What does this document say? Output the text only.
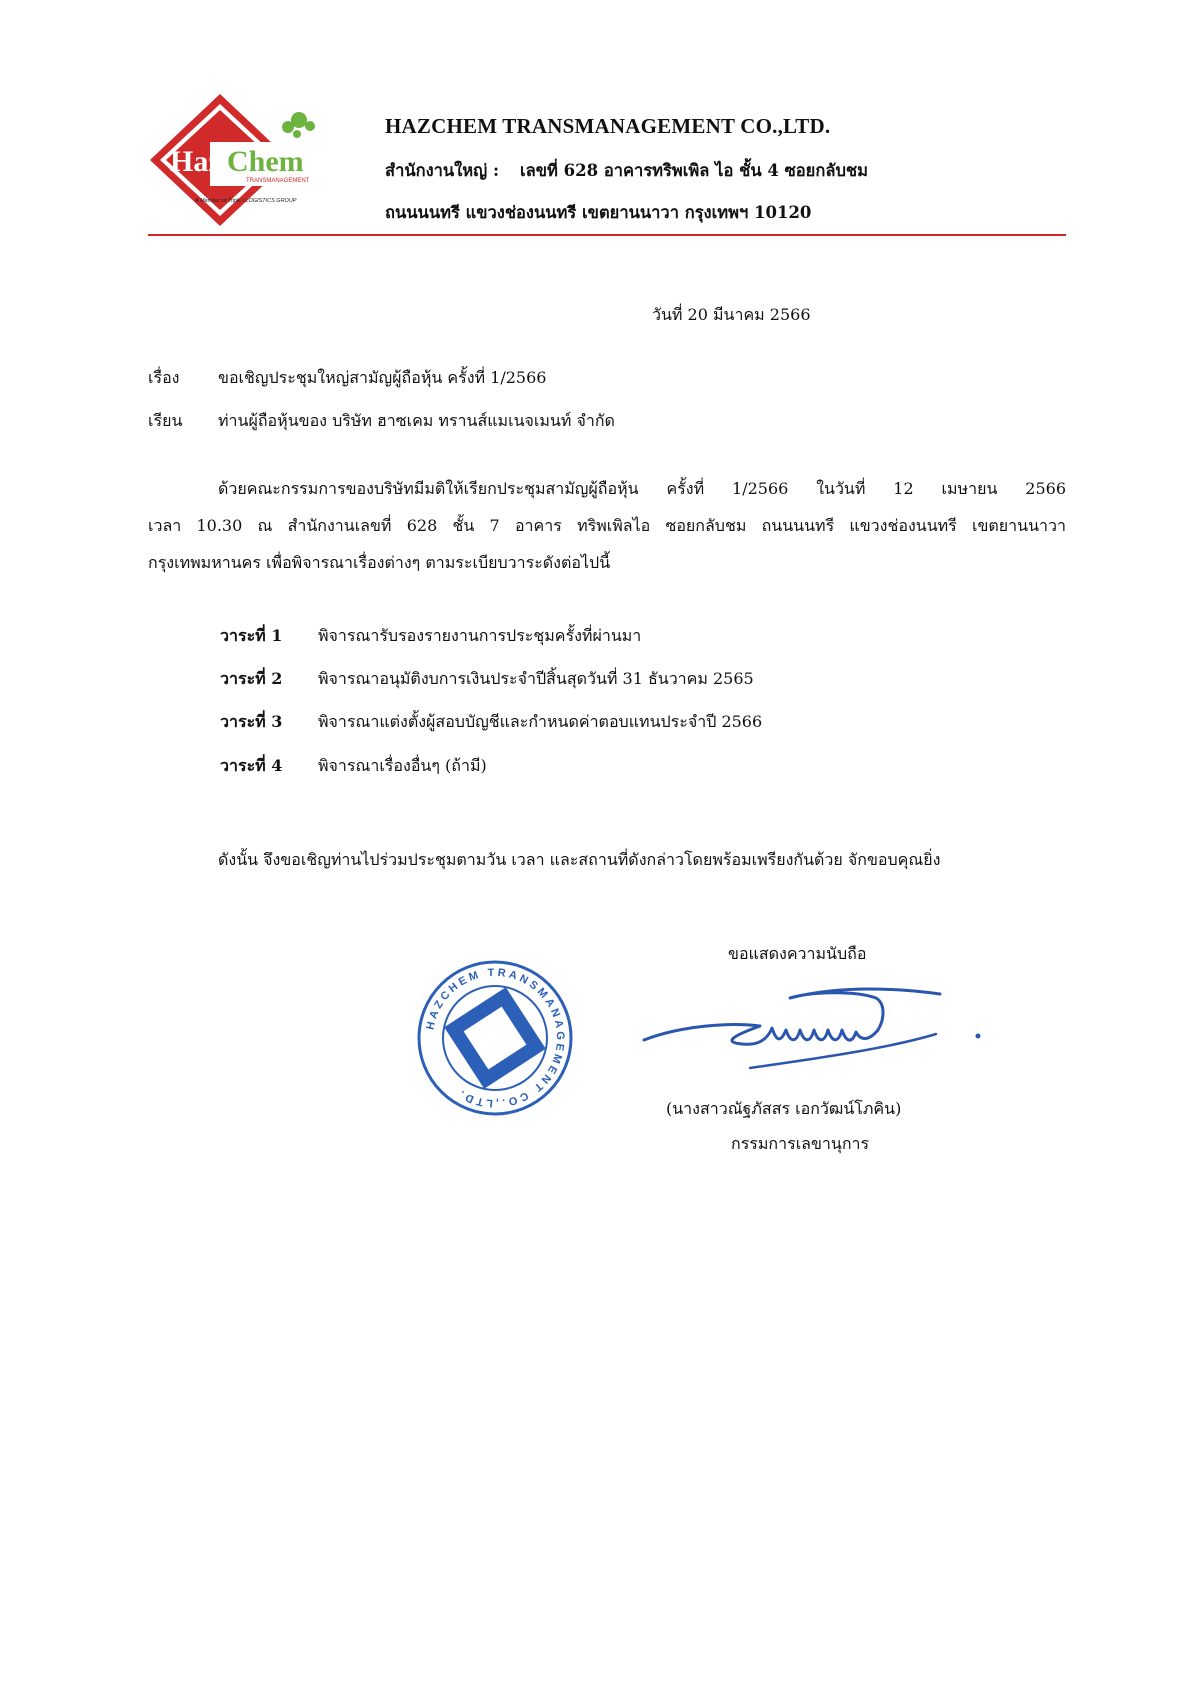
Haz Chem
TRANSMANAGEMENT
A Member of Triple i LOGISTICS GROUP
HAZCHEM TRANSMANAGEMENT CO.,LTD.
สำนักงานใหญ่ : เลขที่ 628 อาคารทริพเพิล ไอ ชั้น 4 ซอยกลับชม
ถนนนนทรี แขวงช่องนนทรี เขตยานนาวา กรุงเทพฯ 10120
วันที่ 20 มีนาคม 2566
เรื่อง ขอเชิญประชุมใหญ่สามัญผู้ถือหุ้น ครั้งที่ 1/2566
เรียน ท่านผู้ถือหุ้นของ บริษัท ฮาซเคม ทรานส์แมเนจเมนท์ จำกัด
ด้วยคณะกรรมการของบริษัทมีมติให้เรียกประชุมสามัญผู้ถือหุ้น ครั้งที่ 1/2566 ในวันที่ 12 เมษายน 2566
เวลา 10.30 ณ สำนักงานเลขที่ 628 ชั้น 7 อาคาร ทริพเพิลไอ ซอยกลับชม ถนนนนทรี แขวงช่องนนทรี เขตยานนาวา
กรุงเทพมหานคร เพื่อพิจารณาเรื่องต่างๆ ตามระเบียบวาระดังต่อไปนี้
วาระที่ 1 พิจารณารับรองรายงานการประชุมครั้งที่ผ่านมา
วาระที่ 2 พิจารณาอนุมัติงบการเงินประจำปีสิ้นสุดวันที่ 31 ธันวาคม 2565
วาระที่ 3 พิจารณาแต่งตั้งผู้สอบบัญชีและกำหนดค่าตอบแทนประจำปี 2566
วาระที่ 4 พิจารณาเรื่องอื่นๆ (ถ้ามี)
ดังนั้น จึงขอเชิญท่านไปร่วมประชุมตามวัน เวลา และสถานที่ดังกล่าวโดยพร้อมเพรียงกันด้วย จักขอบคุณยิ่ง
ขอแสดงความนับถือ
HAZCHEM TRANSMANAGEMENT CO.,LTD.
(นางสาวณัฐภัสสร เอกวัฒน์โภคิน)
กรรมการเลขานุการ
